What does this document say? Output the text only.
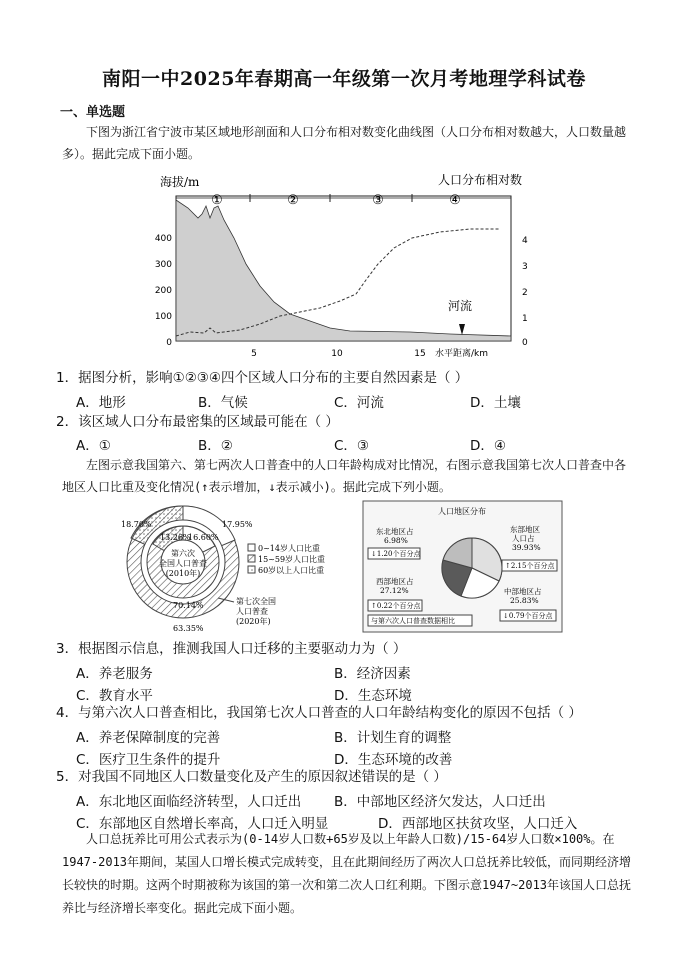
南阳一中2025年春期高一年级第一次月考地理学科试卷
一、单选题
下图为浙江省宁波市某区域地形剖面和人口分布相对数变化曲线图（人口分布相对数越大，人口数量越多）。据此完成下面小题。
①	②	③	④
海拔/m	人口分布相对数
400
300
200
100
0
4
3
2
1
0
5	10	15 水平距离/km
河流
1．据图分析，影响①②③④四个区域人口分布的主要自然因素是（ ）
A．地形	B．气候	C．河流	D．土壤
2．该区域人口分布最密集的区域最可能在（ ）
A．①	B．②	C．③	D．④
左图示意我国第六、第七两次人口普查中的人口年龄构成对比情况，右图示意我国第七次人口普查中各地区人口比重及变化情况(↑表示增加，↓表示减小)。据此完成下列小题。
第六次
全国人口普查
(2010年)
18.70%	17.95%
13.26%
16.60%
70.14%
63.35%
0~14岁人口比重
15~59岁人口比重
60岁以上人口比重
第七次全国
人口普查
(2020年)
人口地区分布
东北地区占
6.98%
↓1.20个百分点
东部地区
人口占
39.93%
↑2.15个百分点
西部地区占
27.12%
↑0.22个百分点
中部地区占
25.83%
↓0.79个百分点
与第六次人口普查数据相比
3．根据图示信息，推测我国人口迁移的主要驱动力为（ ）
A．养老服务	B．经济因素
C．教育水平	D．生态环境
4．与第六次人口普查相比，我国第七次人口普查的人口年龄结构变化的原因不包括（ ）
A．养老保障制度的完善	B．计划生育的调整
C．医疗卫生条件的提升	D．生态环境的改善
5．对我国不同地区人口数量变化及产生的原因叙述错误的是（ ）
A．东北地区面临经济转型，人口迁出 B．中部地区经济欠发达，人口迁出
C．东部地区自然增长率高，人口迁入明显	D．西部地区扶贫攻坚，人口迁入
人口总抚养比可用公式表示为(0-14岁人口数+65岁及以上年龄人口数)/15-64岁人口数×100%。在1947-2013年期间，某国人口增长模式完成转变，且在此期间经历了两次人口总抚养比较低，而同期经济增长较快的时期。这两个时期被称为该国的第一次和第二次人口红利期。下图示意1947~2013年该国人口总抚养比与经济增长率变化。据此完成下面小题。
